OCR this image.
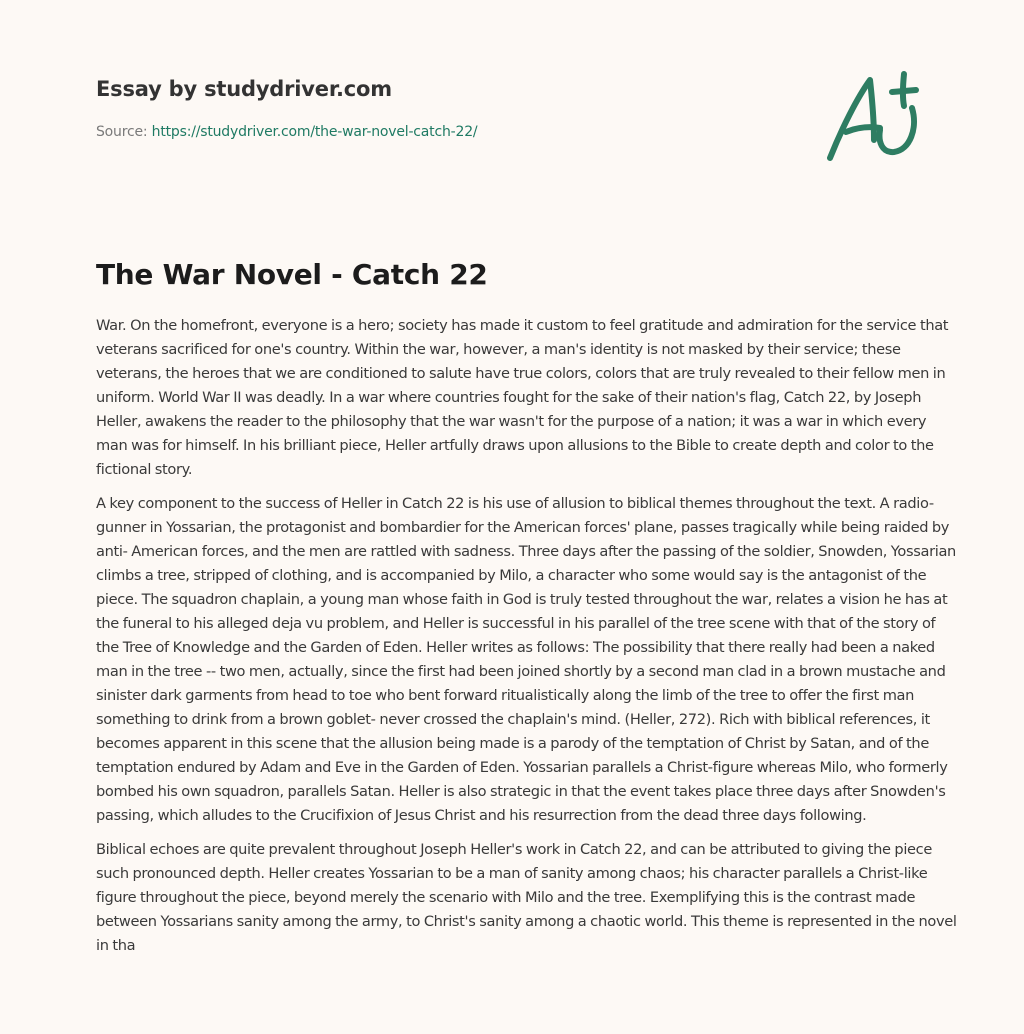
Essay by studydriver.com
Source: https://studydriver.com/the-war-novel-catch-22/
The War Novel - Catch 22

War. On the homefront, everyone is a hero; society has made it custom to feel gratitude and admiration for the service that veterans sacrificed for one's country. Within the war, however, a man's identity is not masked by their service; these veterans, the heroes that we are conditioned to salute have true colors, colors that are truly revealed to their fellow men in uniform. World War II was deadly. In a war where countries fought for the sake of their nation's flag, Catch 22, by Joseph Heller, awakens the reader to the philosophy that the war wasn't for the purpose of a nation; it was a war in which every man was for himself. In his brilliant piece, Heller artfully draws upon allusions to the Bible to create depth and color to the fictional story.

A key component to the success of Heller in Catch 22 is his use of allusion to biblical themes throughout the text. A radio-gunner in Yossarian, the protagonist and bombardier for the American forces' plane, passes tragically while being raided by anti- American forces, and the men are rattled with sadness. Three days after the passing of the soldier, Snowden, Yossarian climbs a tree, stripped of clothing, and is accompanied by Milo, a character who some would say is the antagonist of the piece. The squadron chaplain, a young man whose faith in God is truly tested throughout the war, relates a vision he has at the funeral to his alleged deja vu problem, and Heller is successful in his parallel of the tree scene with that of the story of the Tree of Knowledge and the Garden of Eden. Heller writes as follows: The possibility that there really had been a naked man in the tree -- two men, actually, since the first had been joined shortly by a second man clad in a brown mustache and sinister dark garments from head to toe who bent forward ritualistically along the limb of the tree to offer the first man something to drink from a brown goblet- never crossed the chaplain's mind. (Heller, 272). Rich with biblical references, it becomes apparent in this scene that the allusion being made is a parody of the temptation of Christ by Satan, and of the temptation endured by Adam and Eve in the Garden of Eden. Yossarian parallels a Christ-figure whereas Milo, who formerly bombed his own squadron, parallels Satan. Heller is also strategic in that the event takes place three days after Snowden's passing, which alludes to the Crucifixion of Jesus Christ and his resurrection from the dead three days following.

Biblical echoes are quite prevalent throughout Joseph Heller's work in Catch 22, and can be attributed to giving the piece such pronounced depth. Heller creates Yossarian to be a man of sanity among chaos; his character parallels a Christ-like figure throughout the piece, beyond merely the scenario with Milo and the tree. Exemplifying this is the contrast made between Yossarians sanity among the army, to Christ's sanity among a chaotic world. This theme is represented in the novel in tha
